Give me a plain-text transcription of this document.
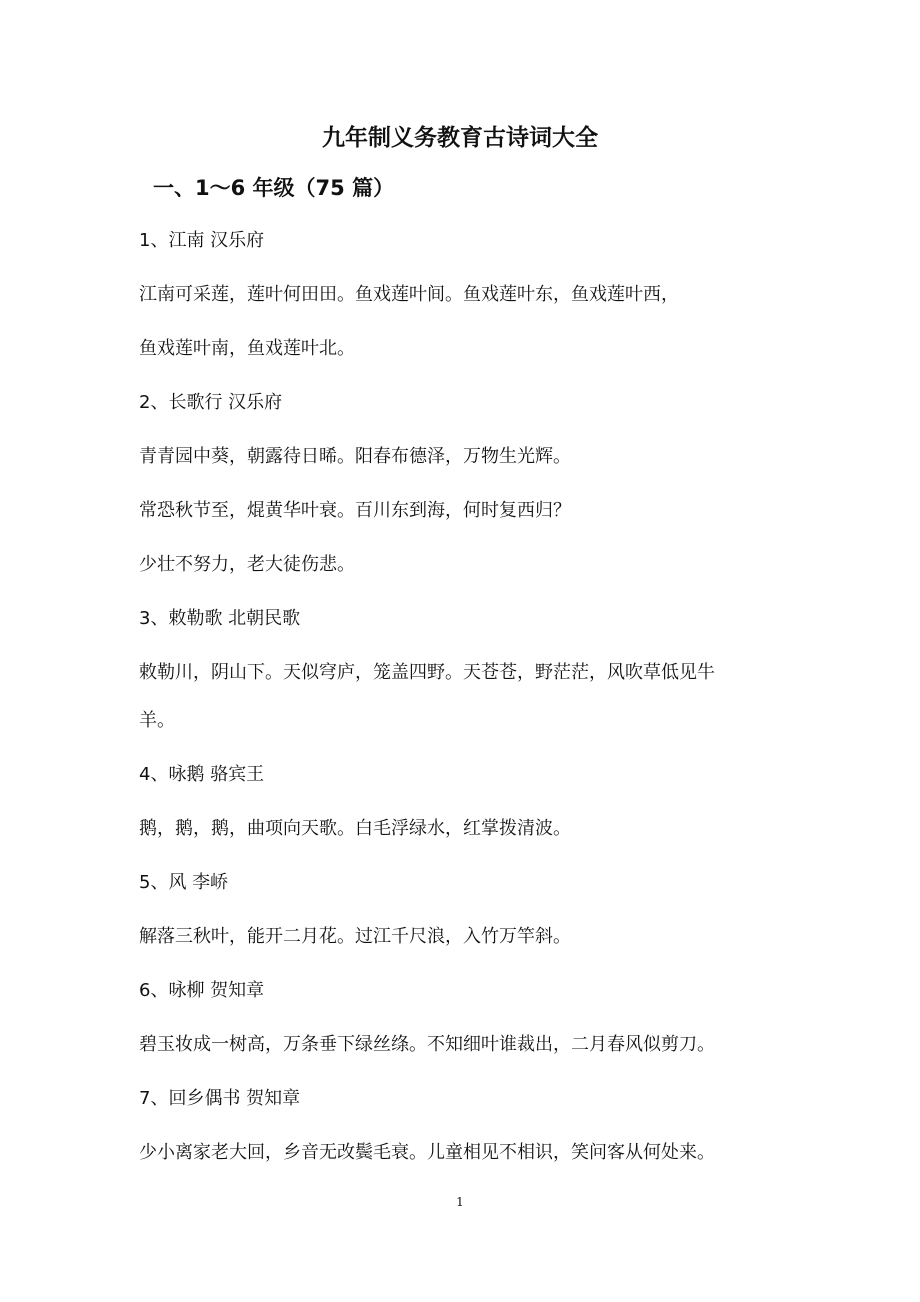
九年制义务教育古诗词大全
一、1～6 年级（75 篇）

1、江南 汉乐府

江南可采莲，莲叶何田田。鱼戏莲叶间。鱼戏莲叶东，鱼戏莲叶西，

鱼戏莲叶南，鱼戏莲叶北。

2、长歌行 汉乐府

青青园中葵，朝露待日晞。阳春布德泽，万物生光辉。

常恐秋节至，焜黄华叶衰。百川东到海，何时复西归？

少壮不努力，老大徒伤悲。

3、敕勒歌 北朝民歌

敕勒川，阴山下。天似穹庐，笼盖四野。天苍苍，野茫茫，风吹草低见牛

羊。

4、咏鹅 骆宾王

鹅，鹅，鹅，曲项向天歌。白毛浮绿水，红掌拨清波。

5、风 李峤

解落三秋叶，能开二月花。过江千尺浪，入竹万竿斜。

6、咏柳 贺知章

碧玉妆成一树高，万条垂下绿丝绦。不知细叶谁裁出，二月春风似剪刀。

7、回乡偶书 贺知章

少小离家老大回，乡音无改鬓毛衰。儿童相见不相识，笑问客从何处来。

1
